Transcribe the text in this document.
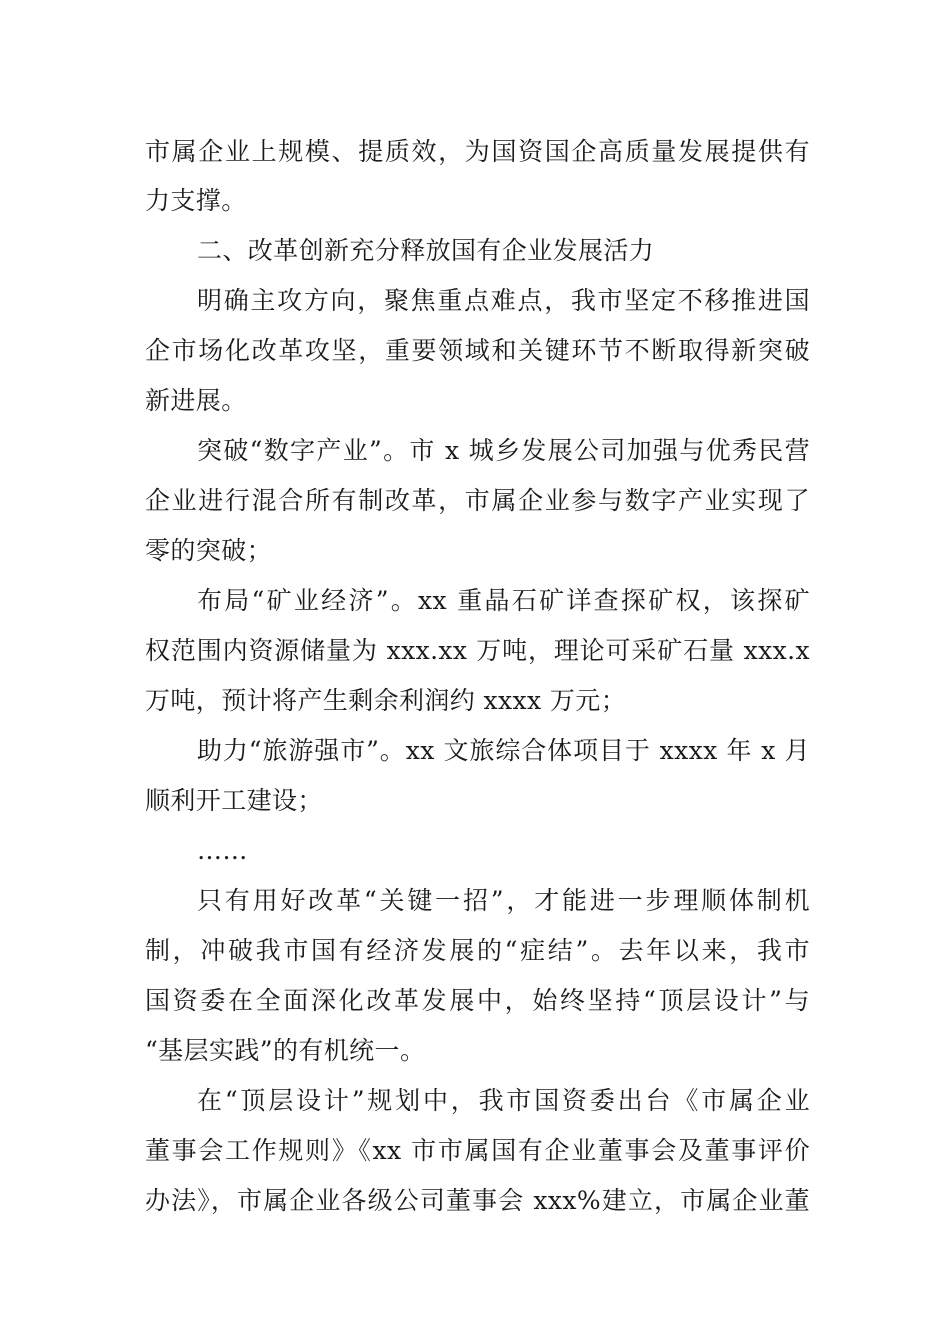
市属企业上规模、提质效，为国资国企高质量发展提供有
力支撑。
二、改革创新充分释放国有企业发展活力
明确主攻方向，聚焦重点难点，我市坚定不移推进国
企市场化改革攻坚，重要领域和关键环节不断取得新突破
新进展。
突破“数字产业”。市 x 城乡发展公司加强与优秀民营
企业进行混合所有制改革，市属企业参与数字产业实现了
零的突破；
布局“矿业经济”。xx 重晶石矿详查探矿权，该探矿
权范围内资源储量为 xxx.xx 万吨，理论可采矿石量 xxx.x
万吨，预计将产生剩余利润约 xxxx 万元；
助力“旅游强市”。xx 文旅综合体项目于 xxxx 年 x 月
顺利开工建设；
……
只有用好改革“关键一招”，才能进一步理顺体制机
制，冲破我市国有经济发展的“症结”。去年以来，我市
国资委在全面深化改革发展中，始终坚持“顶层设计”与
“基层实践”的有机统一。
在“顶层设计”规划中，我市国资委出台《市属企业
董事会工作规则》《xx 市市属国有企业董事会及董事评价
办法》，市属企业各级公司董事会 xxx%建立，市属企业董
